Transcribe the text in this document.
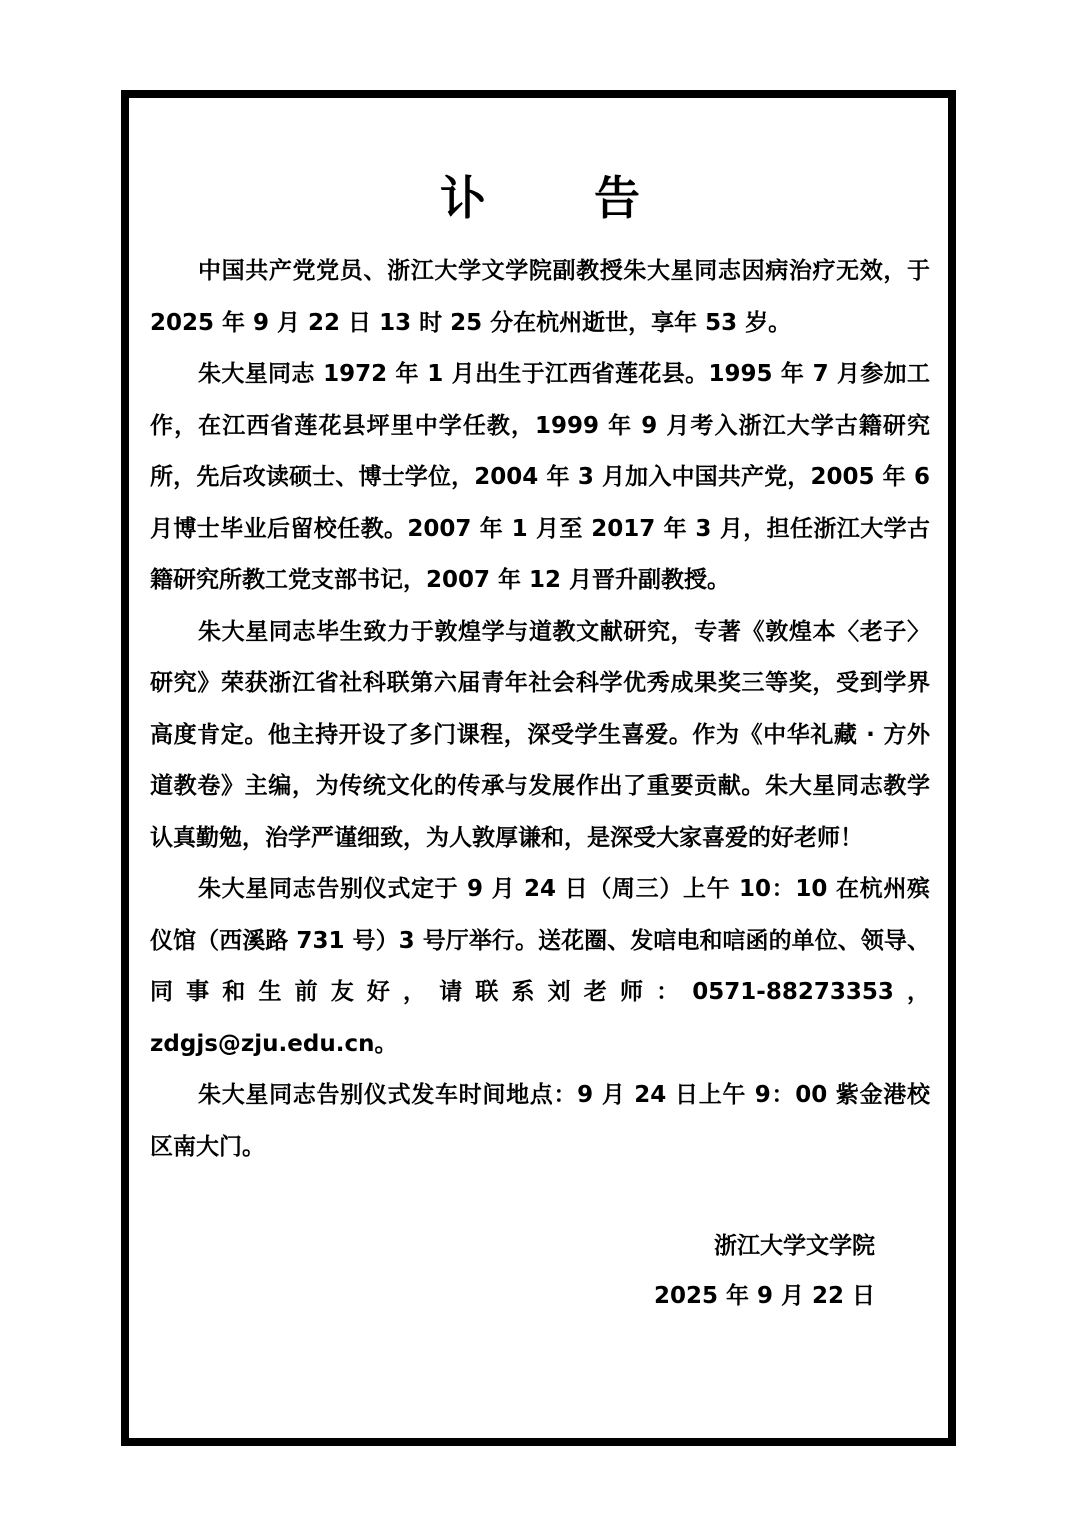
讣 告

中国共产党党员、浙江大学文学院副教授朱大星同志因病治疗无效，于 2025 年 9 月 22 日 13 时 25 分在杭州逝世，享年 53 岁。

朱大星同志 1972 年 1 月出生于江西省莲花县。1995 年 7 月参加工作，在江西省莲花县坪里中学任教，1999 年 9 月考入浙江大学古籍研究所，先后攻读硕士、博士学位，2004 年 3 月加入中国共产党，2005 年 6 月博士毕业后留校任教。2007 年 1 月至 2017 年 3 月，担任浙江大学古籍研究所教工党支部书记，2007 年 12 月晋升副教授。

朱大星同志毕生致力于敦煌学与道教文献研究，专著《敦煌本〈老子〉研究》荣获浙江省社科联第六届青年社会科学优秀成果奖三等奖，受到学界高度肯定。他主持开设了多门课程，深受学生喜爱。作为《中华礼藏 · 方外道教卷》主编，为传统文化的传承与发展作出了重要贡献。朱大星同志教学认真勤勉，治学严谨细致，为人敦厚谦和，是深受大家喜爱的好老师！

朱大星同志告别仪式定于 9 月 24 日（周三）上午 10：10 在杭州殡仪馆（西溪路 731 号）3 号厅举行。送花圈、发唁电和唁函的单位、领导、同事和生前友好，请联系刘老师：0571-88273353，zdgjs@zju.edu.cn。

朱大星同志告别仪式发车时间地点：9 月 24 日上午 9：00 紫金港校区南大门。

浙江大学文学院
2025 年 9 月 22 日
